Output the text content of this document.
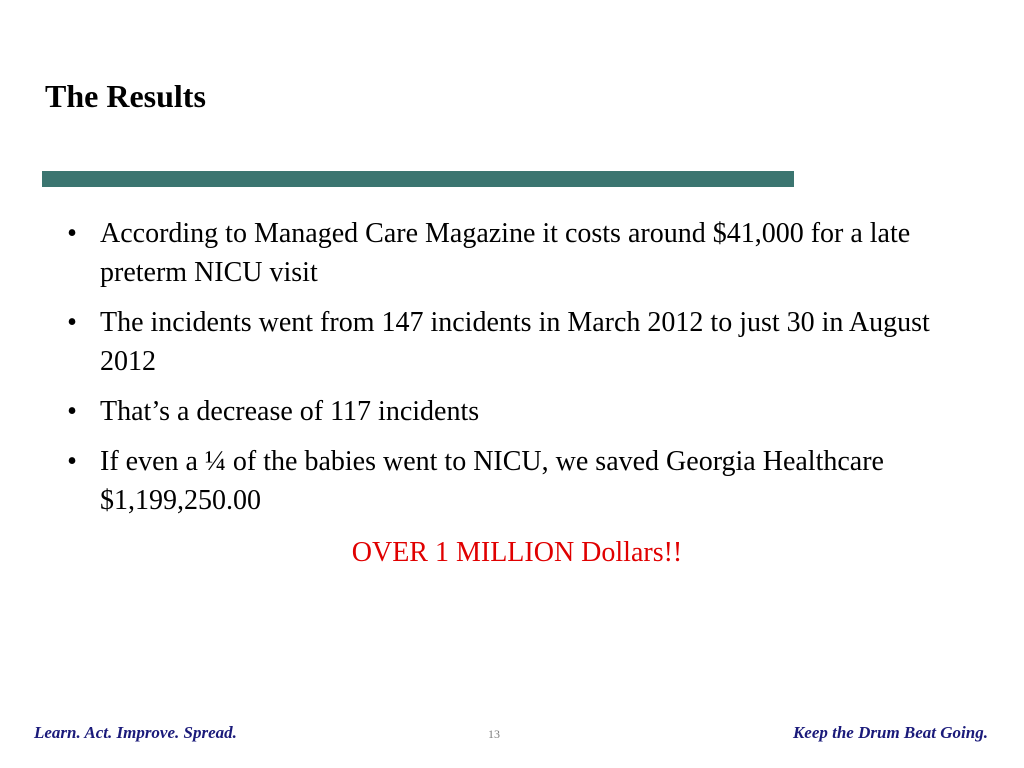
The Results
• According to Managed Care Magazine it costs around $41,000 for a late preterm NICU visit
• The incidents went from 147 incidents in March 2012 to just 30 in August 2012
• That’s a decrease of 117 incidents
• If even a ¼ of the babies went to NICU, we saved Georgia Healthcare $1,199,250.00
OVER 1 MILLION Dollars!!
Learn. Act. Improve. Spread.	13	Keep the Drum Beat Going.
